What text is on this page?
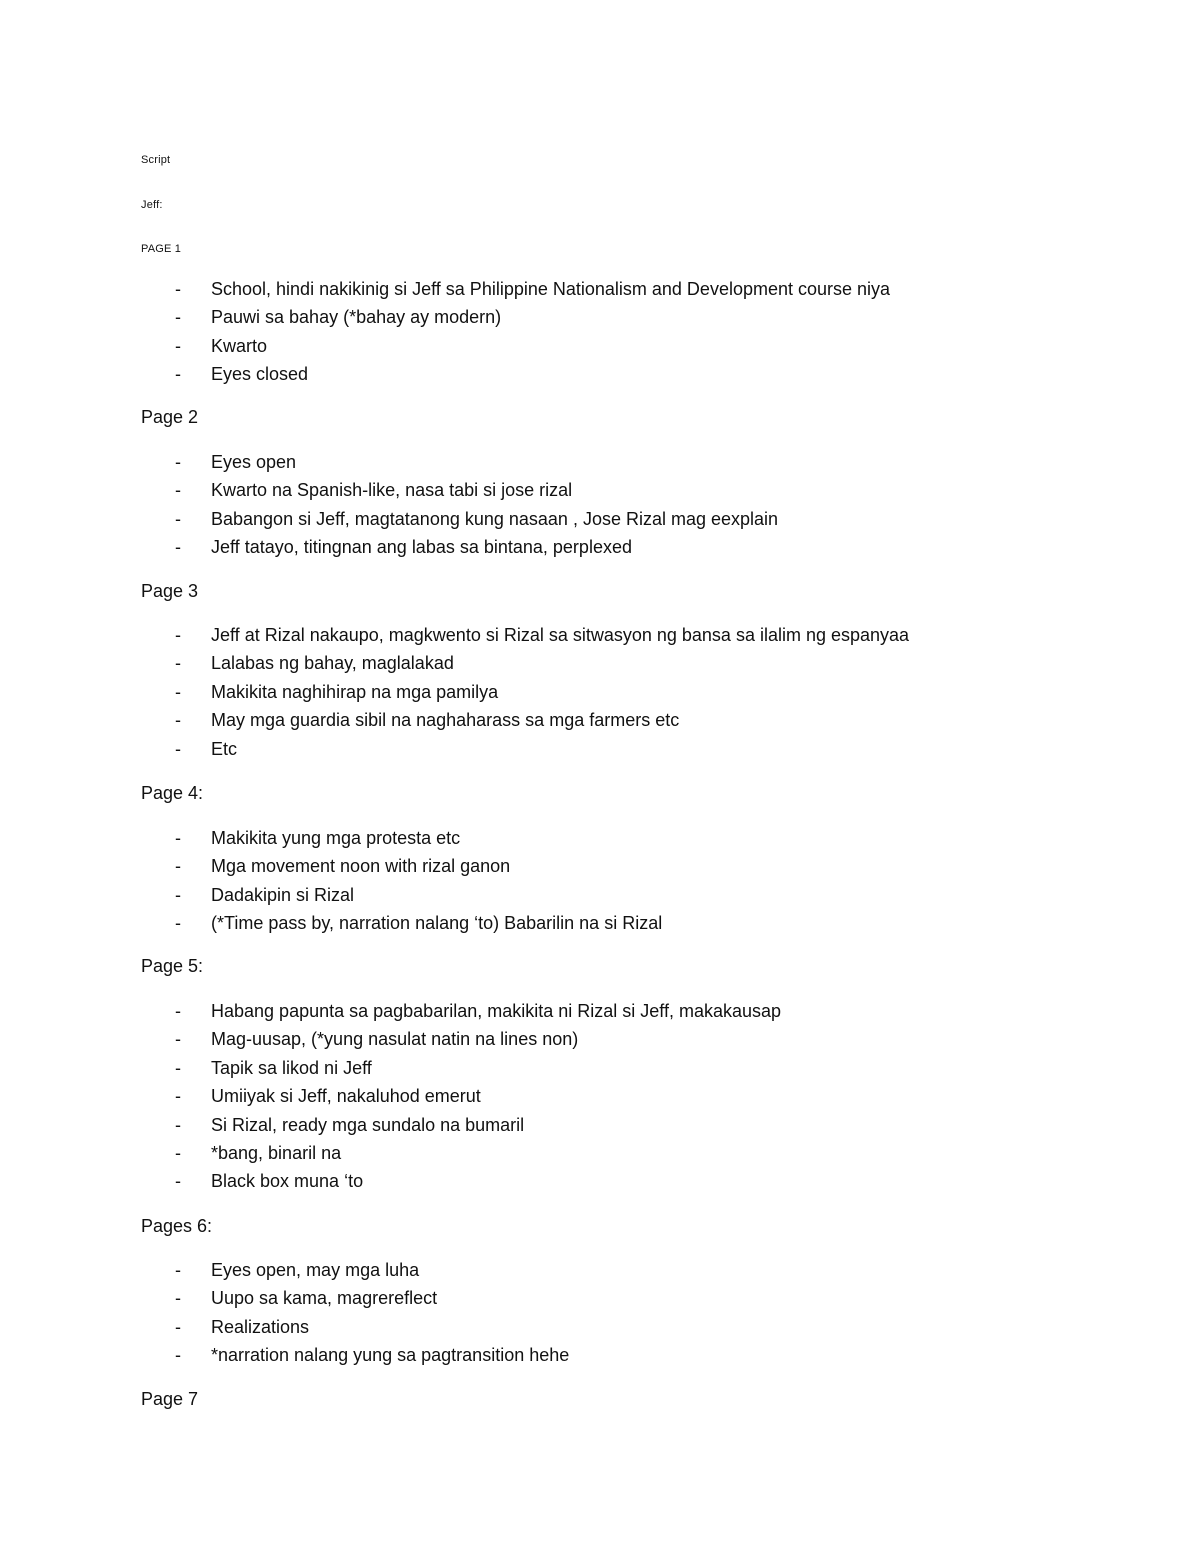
Script
Jeff:
PAGE 1
-	School, hindi nakikinig si Jeff sa Philippine Nationalism and Development course niya
-	Pauwi sa bahay (*bahay ay modern)
-	Kwarto
-	Eyes closed
Page 2
-	Eyes open
-	Kwarto na Spanish-like, nasa tabi si jose rizal
-	Babangon si Jeff, magtatanong kung nasaan , Jose Rizal mag eexplain
-	Jeff tatayo, titingnan ang labas sa bintana, perplexed
Page 3
-	Jeff at Rizal nakaupo, magkwento si Rizal sa sitwasyon ng bansa sa ilalim ng espanyaa
-	Lalabas ng bahay, maglalakad
-	Makikita naghihirap na mga pamilya
-	May mga guardia sibil na naghaharass sa mga farmers etc
-	Etc
Page 4:
-	Makikita yung mga protesta etc
-	Mga movement noon with rizal ganon
-	Dadakipin si Rizal
-	(*Time pass by, narration nalang ‘to) Babarilin na si Rizal
Page 5:
-	Habang papunta sa pagbabarilan, makikita ni Rizal si Jeff, makakausap
-	Mag-uusap, (*yung nasulat natin na lines non)
-	Tapik sa likod ni Jeff
-	Umiiyak si Jeff, nakaluhod emerut
-	Si Rizal, ready mga sundalo na bumaril
-	*bang, binaril na
-	Black box muna ‘to
Pages 6:
-	Eyes open, may mga luha
-	Uupo sa kama, magrereflect
-	Realizations
-	*narration nalang yung sa pagtransition hehe
Page 7
